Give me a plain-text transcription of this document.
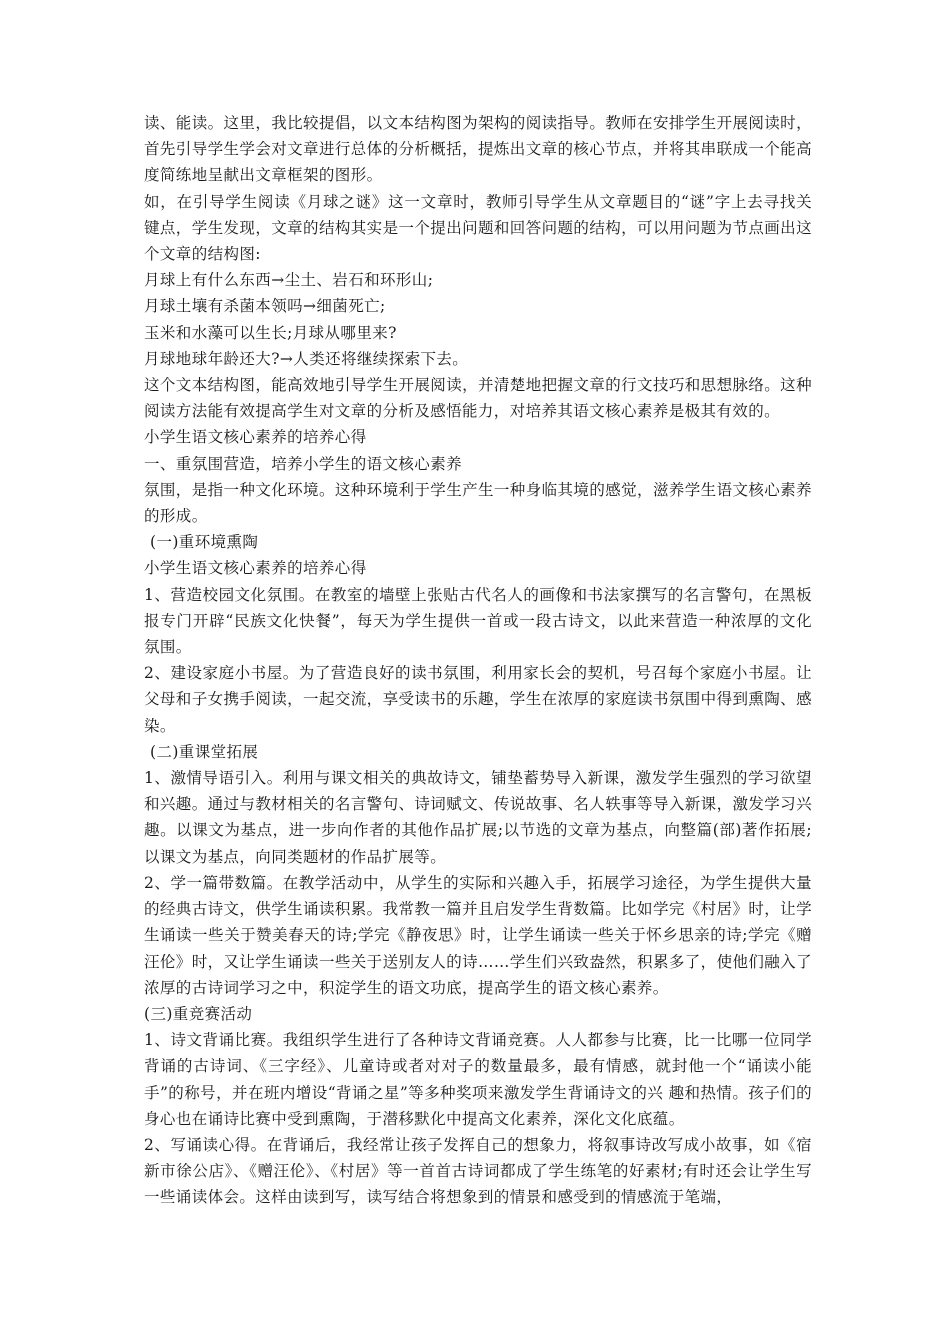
读、能读。这里，我比较提倡，以文本结构图为架构的阅读指导。教师在安排学生开展阅读时，首先引导学生学会对文章进行总体的分析概括，提炼出文章的核心节点，并将其串联成一个能高度简练地呈献出文章框架的图形。

如，在引导学生阅读《月球之谜》这一文章时，教师引导学生从文章题目的“谜”字上去寻找关键点，学生发现，文章的结构其实是一个提出问题和回答问题的结构，可以用问题为节点画出这个文章的结构图:

月球上有什么东西→尘土、岩石和环形山;

月球土壤有杀菌本领吗→细菌死亡;

玉米和水藻可以生长;月球从哪里来?

月球地球年龄还大?→人类还将继续探索下去。

这个文本结构图，能高效地引导学生开展阅读，并清楚地把握文章的行文技巧和思想脉络。这种阅读方法能有效提高学生对文章的分析及感悟能力，对培养其语文核心素养是极其有效的。

小学生语文核心素养的培养心得

一、重氛围营造，培养小学生的语文核心素养

氛围，是指一种文化环境。这种环境利于学生产生一种身临其境的感觉，滋养学生语文核心素养的形成。

(一)重环境熏陶

小学生语文核心素养的培养心得

1、营造校园文化氛围。在教室的墙壁上张贴古代名人的画像和书法家撰写的名言警句，在黑板报专门开辟“民族文化快餐”，每天为学生提供一首或一段古诗文，以此来营造一种浓厚的文化氛围。

2、建设家庭小书屋。为了营造良好的读书氛围，利用家长会的契机，号召每个家庭小书屋。让父母和子女携手阅读，一起交流，享受读书的乐趣，学生在浓厚的家庭读书氛围中得到熏陶、感染。

(二)重课堂拓展

1、激情导语引入。利用与课文相关的典故诗文，铺垫蓄势导入新课，激发学生强烈的学习欲望和兴趣。通过与教材相关的名言警句、诗词赋文、传说故事、名人轶事等导入新课，激发学习兴趣。以课文为基点，进一步向作者的其他作品扩展;以节选的文章为基点，向整篇(部)著作拓展;以课文为基点，向同类题材的作品扩展等。

2、学一篇带数篇。在教学活动中，从学生的实际和兴趣入手，拓展学习途径，为学生提供大量的经典古诗文，供学生诵读积累。我常教一篇并且启发学生背数篇。比如学完《村居》时，让学生诵读一些关于赞美春天的诗;学完《静夜思》时，让学生诵读一些关于怀乡思亲的诗;学完《赠汪伦》时，又让学生诵读一些关于送别友人的诗……学生们兴致盎然，积累多了，使他们融入了浓厚的古诗词学习之中，积淀学生的语文功底，提高学生的语文核心素养。

(三)重竞赛活动

1、诗文背诵比赛。我组织学生进行了各种诗文背诵竞赛。人人都参与比赛，比一比哪一位同学背诵的古诗词、《三字经》、儿童诗或者对对子的数量最多，最有情感，就封他一个“诵读小能手”的称号，并在班内增设“背诵之星”等多种奖项来激发学生背诵诗文的兴 趣和热情。孩子们的身心也在诵诗比赛中受到熏陶，于潜移默化中提高文化素养，深化文化底蕴。

2、写诵读心得。在背诵后，我经常让孩子发挥自己的想象力，将叙事诗改写成小故事，如《宿新市徐公店》、《赠汪伦》、《村居》等一首首古诗词都成了学生练笔的好素材;有时还会让学生写一些诵读体会。这样由读到写，读写结合将想象到的情景和感受到的情感流于笔端，
